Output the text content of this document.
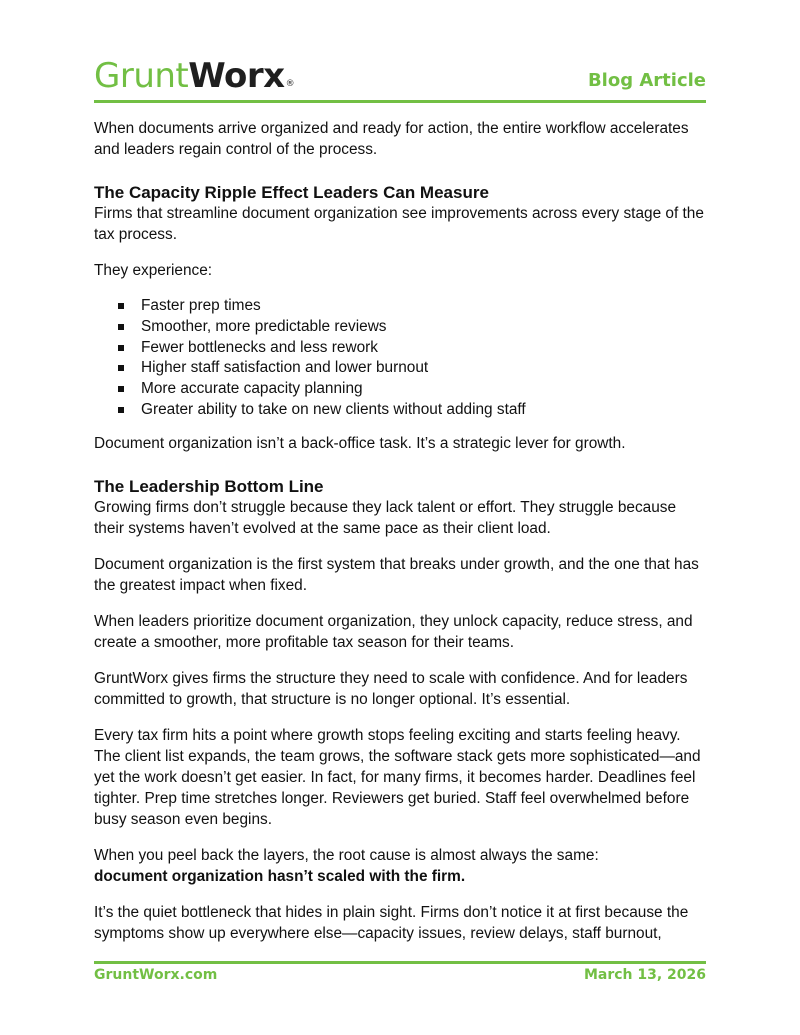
GruntWorx®	Blog Article

When documents arrive organized and ready for action, the entire workflow accelerates and leaders regain control of the process.

The Capacity Ripple Effect Leaders Can Measure

Firms that streamline document organization see improvements across every stage of the tax process.

They experience:

Faster prep times
Smoother, more predictable reviews
Fewer bottlenecks and less rework
Higher staff satisfaction and lower burnout
More accurate capacity planning
Greater ability to take on new clients without adding staff

Document organization isn’t a back-office task. It’s a strategic lever for growth.

The Leadership Bottom Line

Growing firms don’t struggle because they lack talent or effort. They struggle because their systems haven’t evolved at the same pace as their client load.

Document organization is the first system that breaks under growth, and the one that has the greatest impact when fixed.

When leaders prioritize document organization, they unlock capacity, reduce stress, and create a smoother, more profitable tax season for their teams.

GruntWorx gives firms the structure they need to scale with confidence. And for leaders committed to growth, that structure is no longer optional. It’s essential.

Every tax firm hits a point where growth stops feeling exciting and starts feeling heavy. The client list expands, the team grows, the software stack gets more sophisticated—and yet the work doesn’t get easier. In fact, for many firms, it becomes harder. Deadlines feel tighter. Prep time stretches longer. Reviewers get buried. Staff feel overwhelmed before busy season even begins.

When you peel back the layers, the root cause is almost always the same:
document organization hasn’t scaled with the firm.

It’s the quiet bottleneck that hides in plain sight. Firms don’t notice it at first because the symptoms show up everywhere else—capacity issues, review delays, staff burnout,

GruntWorx.com	March 13, 2026
